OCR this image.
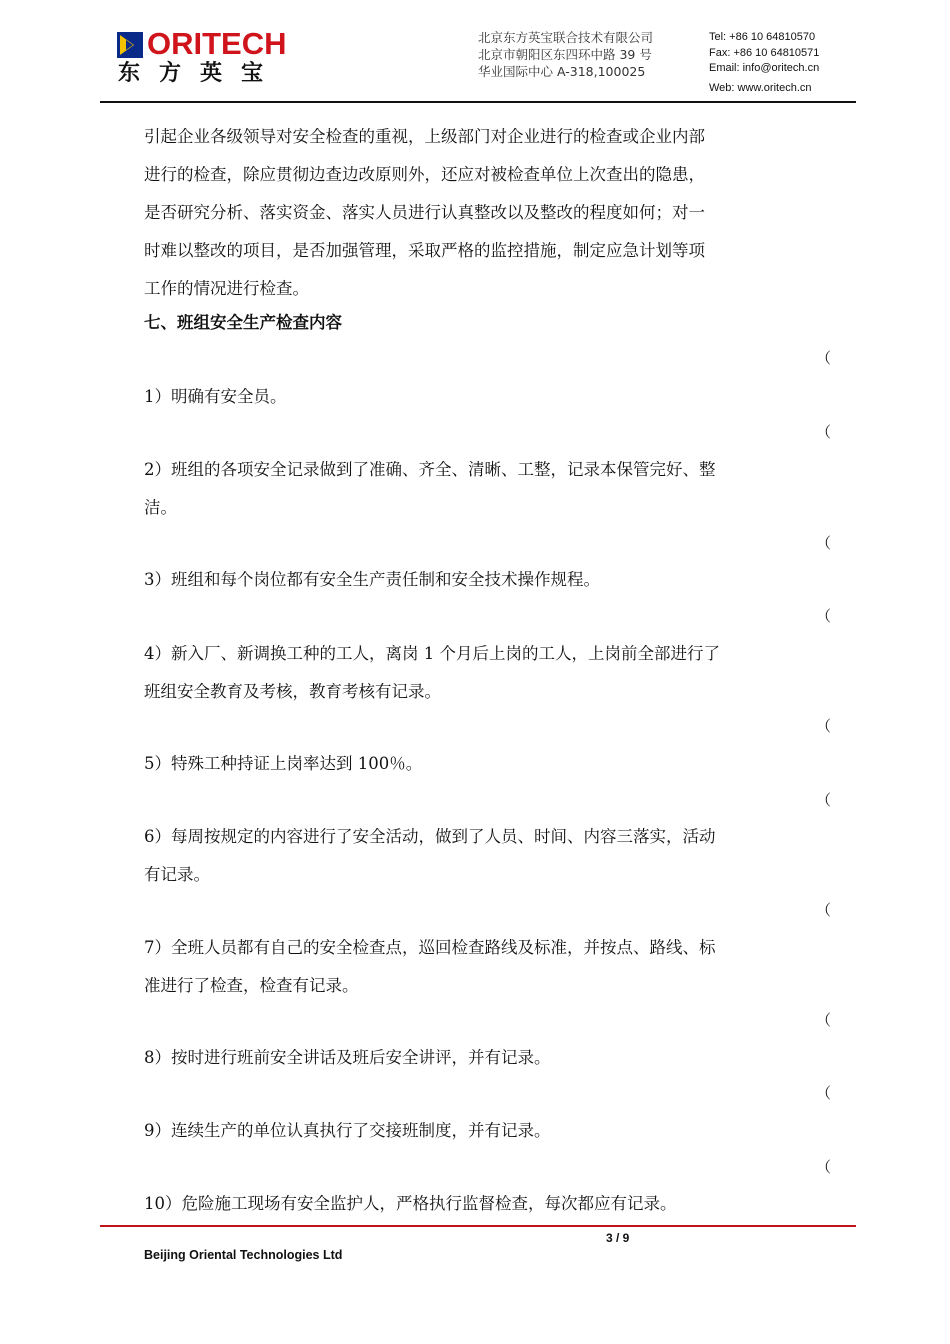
ORITECH
东方英宝
北京东方英宝联合技术有限公司
北京市朝阳区东四环中路 39 号
华业国际中心 A-318,100025
Tel: +86 10 64810570
Fax: +86 10 64810571
Email: info@oritech.cn
Web: www.oritech.cn

引起企业各级领导对安全检查的重视，上级部门对企业进行的检查或企业内部

进行的检查，除应贯彻边查边改原则外，还应对被检查单位上次查出的隐患，

是否研究分析、落实资金、落实人员进行认真整改以及整改的程度如何；对一

时难以整改的项目，是否加强管理，采取严格的监控措施，制定应急计划等项

工作的情况进行检查。

七、班组安全生产检查内容
（
1）明确有安全员。
（
2）班组的各项安全记录做到了准确、齐全、清晰、工整，记录本保管完好、整
洁。
（
3）班组和每个岗位都有安全生产责任制和安全技术操作规程。
（
4）新入厂、新调换工种的工人，离岗 1 个月后上岗的工人，上岗前全部进行了
班组安全教育及考核，教育考核有记录。
（
5）特殊工种持证上岗率达到 100％。
（
6）每周按规定的内容进行了安全活动，做到了人员、时间、内容三落实，活动
有记录。
（
7）全班人员都有自己的安全检查点，巡回检查路线及标准，并按点、路线、标
准进行了检查，检查有记录。
（
8）按时进行班前安全讲话及班后安全讲评，并有记录。
（
9）连续生产的单位认真执行了交接班制度，并有记录。
（
10）危险施工现场有安全监护人，严格执行监督检查，每次都应有记录。
3 / 9
Beijing Oriental Technologies Ltd
